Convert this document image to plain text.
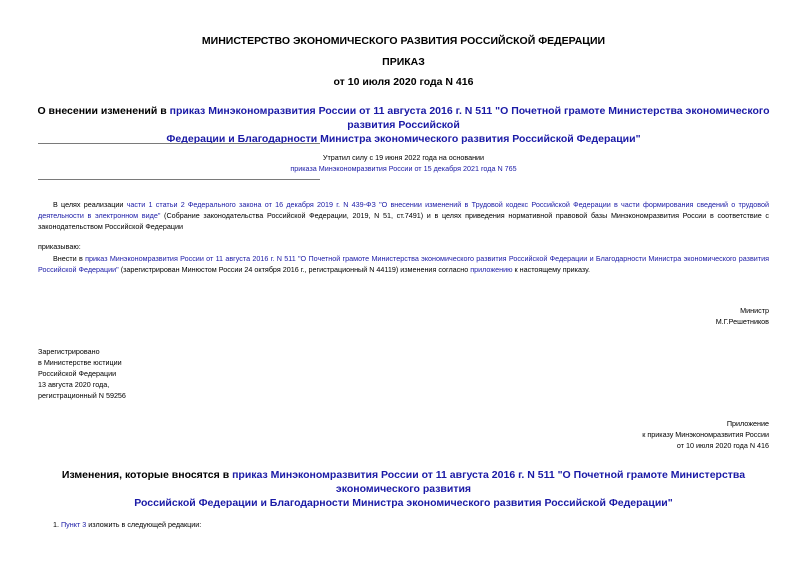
МИНИСТЕРСТВО ЭКОНОМИЧЕСКОГО РАЗВИТИЯ РОССИЙСКОЙ ФЕДЕРАЦИИ
ПРИКАЗ
от 10 июля 2020 года N 416
О внесении изменений в приказ Минэкономразвития России от 11 августа 2016 г. N 511 "О Почетной грамоте Министерства экономического развития Российской
Федерации и Благодарности Министра экономического развития Российской Федерации"
Утратил силу с 19 июня 2022 года на основании
приказа Минэкономразвития России от 15 декабря 2021 года N 765
В целях реализации части 1 статьи 2 Федерального закона от 16 декабря 2019 г. N 439-ФЗ "О внесении изменений в Трудовой кодекс Российской Федерации в части формирования сведений о трудовой деятельности в электронном виде" (Собрание законодательства Российской Федерации, 2019, N 51, ст.7491) и в целях приведения нормативной правовой базы Минэкономразвития России в соответствие с законодательством Российской Федерации
приказываю:
Внести в приказ Минэкономразвития России от 11 августа 2016 г. N 511 "О Почетной грамоте Министерства экономического развития Российской Федерации и Благодарности Министра экономического развития Российской Федерации" (зарегистрирован Минюстом России 24 октября 2016 г., регистрационный N 44119) изменения согласно приложению к настоящему приказу.
Министр
М.Г.Решетников
Зарегистрировано
в Министерстве юстиции
Российской Федерации
13 августа 2020 года,
регистрационный N 59256
Приложение
к приказу Минэкономразвития России
от 10 июля 2020 года N 416
Изменения, которые вносятся в приказ Минэкономразвития России от 11 августа 2016 г. N 511 "О Почетной грамоте Министерства экономического развития
Российской Федерации и Благодарности Министра экономического развития Российской Федерации"
1. Пункт 3 изложить в следующей редакции:
